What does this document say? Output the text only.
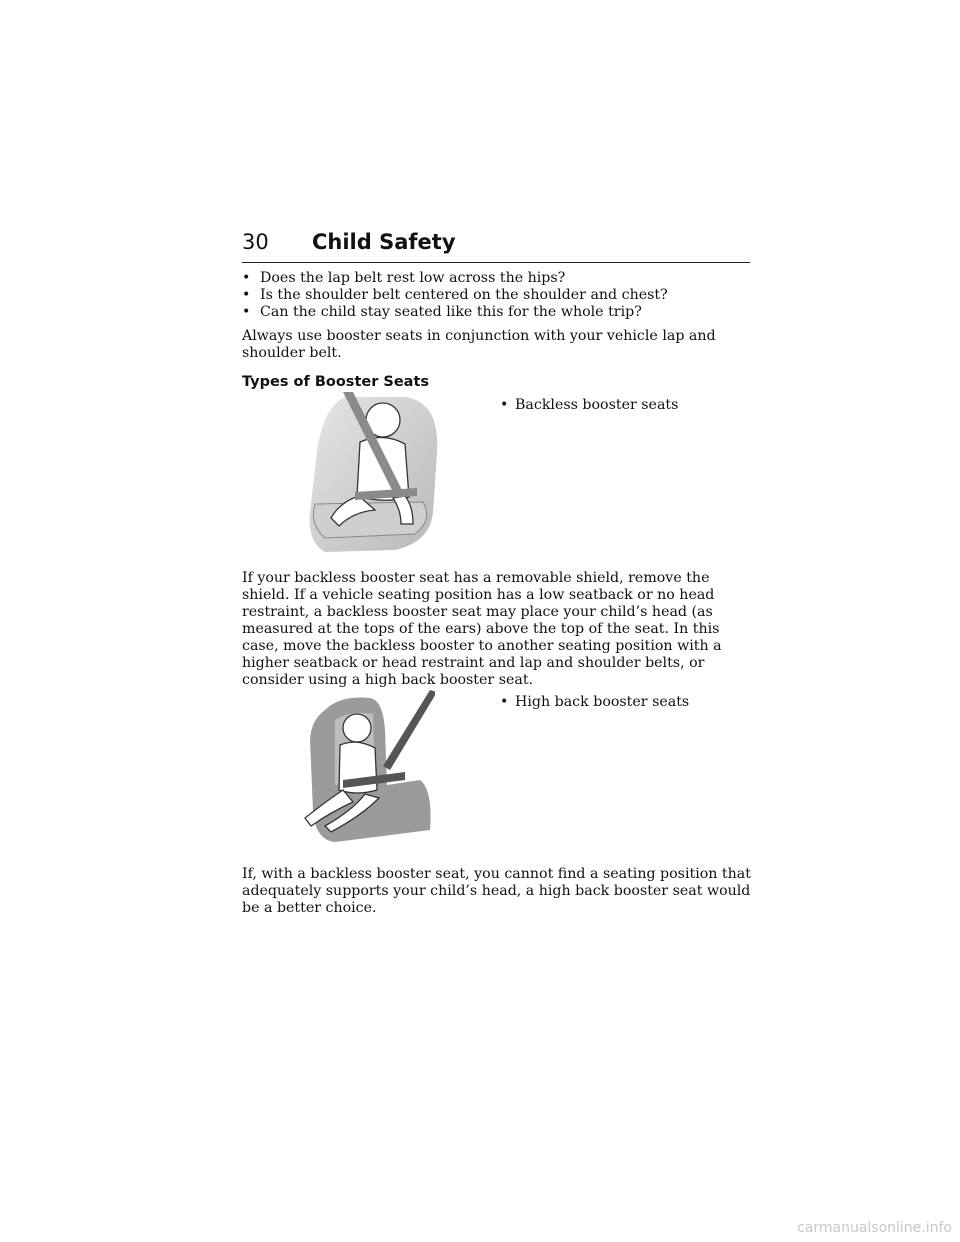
30 Child Safety
• Does the lap belt rest low across the hips?
• Is the shoulder belt centered on the shoulder and chest?
• Can the child stay seated like this for the whole trip?
Always use booster seats in conjunction with your vehicle lap and shoulder belt.
Types of Booster Seats
• Backless booster seats
If your backless booster seat has a removable shield, remove the shield. If a vehicle seating position has a low seatback or no head restraint, a backless booster seat may place your child’s head (as measured at the tops of the ears) above the top of the seat. In this case, move the backless booster to another seating position with a higher seatback or head restraint and lap and shoulder belts, or consider using a high back booster seat.
• High back booster seats
If, with a backless booster seat, you cannot find a seating position that adequately supports your child’s head, a high back booster seat would be a better choice.
carmanualsonline.info
